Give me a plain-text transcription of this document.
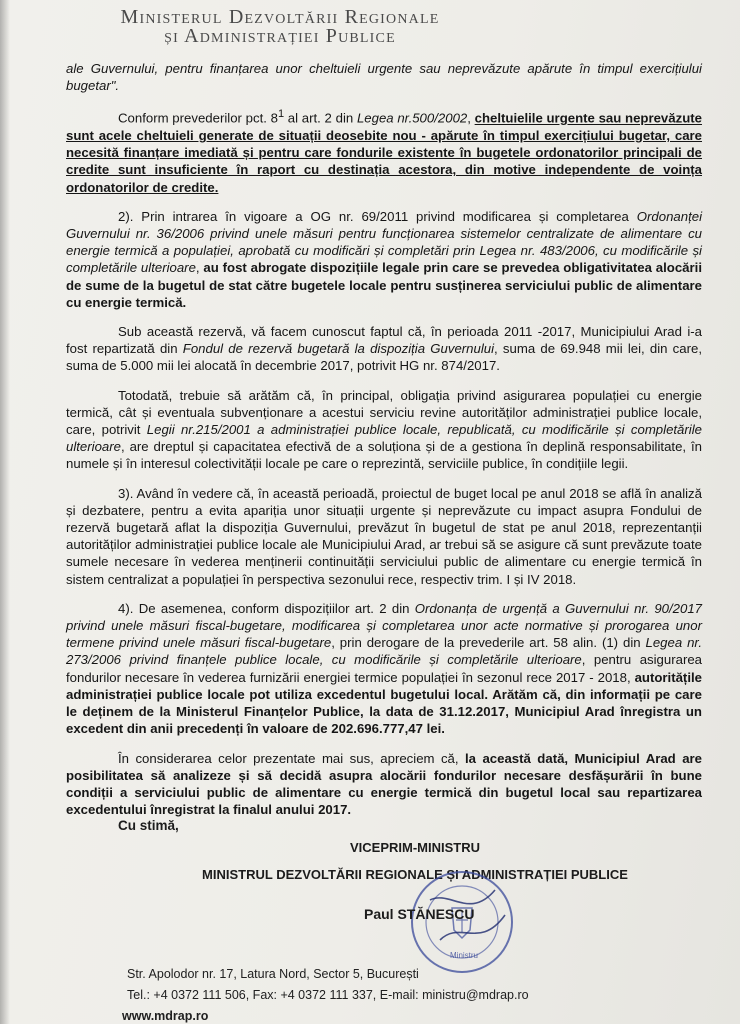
Ministerul Dezvoltării Regionale
și Administrației Publice

ale Guvernului, pentru finanțarea unor cheltuieli urgente sau neprevăzute apărute în timpul exercițiului bugetar".

Conform prevederilor pct. $8^1$ al art. 2 din Legea nr.500/2002, cheltuielile urgente sau neprevăzute sunt acele cheltuieli generate de situații deosebite nou - apărute în timpul exercițiului bugetar, care necesită finanțare imediată și pentru care fondurile existente în bugetele ordonatorilor principali de credite sunt insuficiente în raport cu destinația acestora, din motive independente de voința ordonatorilor de credite.

2). Prin intrarea în vigoare a OG nr. 69/2011 privind modificarea și completarea Ordonanței Guvernului nr. 36/2006 privind unele măsuri pentru funcționarea sistemelor centralizate de alimentare cu energie termică a populației, aprobată cu modificări și completări prin Legea nr. 483/2006, cu modificările și completările ulterioare, au fost abrogate dispozițiile legale prin care se prevedea obligativitatea alocării de sume de la bugetul de stat către bugetele locale pentru susținerea serviciului public de alimentare cu energie termică.

Sub această rezervă, vă facem cunoscut faptul că, în perioada 2011 -2017, Municipiului Arad i-a fost repartizată din Fondul de rezervă bugetară la dispoziția Guvernului, suma de 69.948 mii lei, din care, suma de 5.000 mii lei alocată în decembrie 2017, potrivit HG nr. 874/2017.

Totodată, trebuie să arătăm că, în principal, obligația privind asigurarea populației cu energie termică, cât și eventuala subvenționare a acestui serviciu revine autorităților administrației publice locale, care, potrivit Legii nr.215/2001 a administrației publice locale, republicată, cu modificările și completările ulterioare, are dreptul și capacitatea efectivă de a soluționa și de a gestiona în deplină responsabilitate, în numele și în interesul colectivității locale pe care o reprezintă, serviciile publice, în condițiile legii.

3). Având în vedere că, în această perioadă, proiectul de buget local pe anul 2018 se află în analiză și dezbatere, pentru a evita apariția unor situații urgente și neprevăzute cu impact asupra Fondului de rezervă bugetară aflat la dispoziția Guvernului, prevăzut în bugetul de stat pe anul 2018, reprezentanții autorităților administrației publice locale ale Municipiului Arad, ar trebui să se asigure că sunt prevăzute toate sumele necesare în vederea menținerii continuității serviciului public de alimentare cu energie termică în sistem centralizat a populației în perspectiva sezonului rece, respectiv trim. I și IV 2018.

4). De asemenea, conform dispozițiilor art. 2 din Ordonanța de urgență a Guvernului nr. 90/2017 privind unele măsuri fiscal-bugetare, modificarea și completarea unor acte normative și prorogarea unor termene privind unele măsuri fiscal-bugetare, prin derogare de la prevederile art. 58 alin. (1) din Legea nr. 273/2006 privind finanțele publice locale, cu modificările și completările ulterioare, pentru asigurarea fondurilor necesare în vederea furnizării energiei termice populației în sezonul rece 2017 - 2018, autoritățile administrației publice locale pot utiliza excedentul bugetului local. Arătăm că, din informații pe care le deținem de la Ministerul Finanțelor Publice, la data de 31.12.2017, Municipiul Arad înregistra un excedent din anii precedenți în valoare de 202.696.777,47 lei.

În considerarea celor prezentate mai sus, apreciem că, la această dată, Municipiul Arad are posibilitatea să analizeze și să decidă asupra alocării fondurilor necesare desfășurării în bune condiții a serviciului public de alimentare cu energie termică din bugetul local sau repartizarea excedentului înregistrat la finalul anului 2017.

Cu stimă,
VICEPRIM-MINISTRU
MINISTRUL DEZVOLTĂRII REGIONALE ȘI ADMINISTRAȚIEI PUBLICE
Ministru
Paul STĂNESCU
Str. Apolodor nr. 17, Latura Nord, Sector 5, București
Tel.: +4 0372 111 506, Fax: +4 0372 111 337, E-mail: ministru@mdrap.ro
www.mdrap.ro
